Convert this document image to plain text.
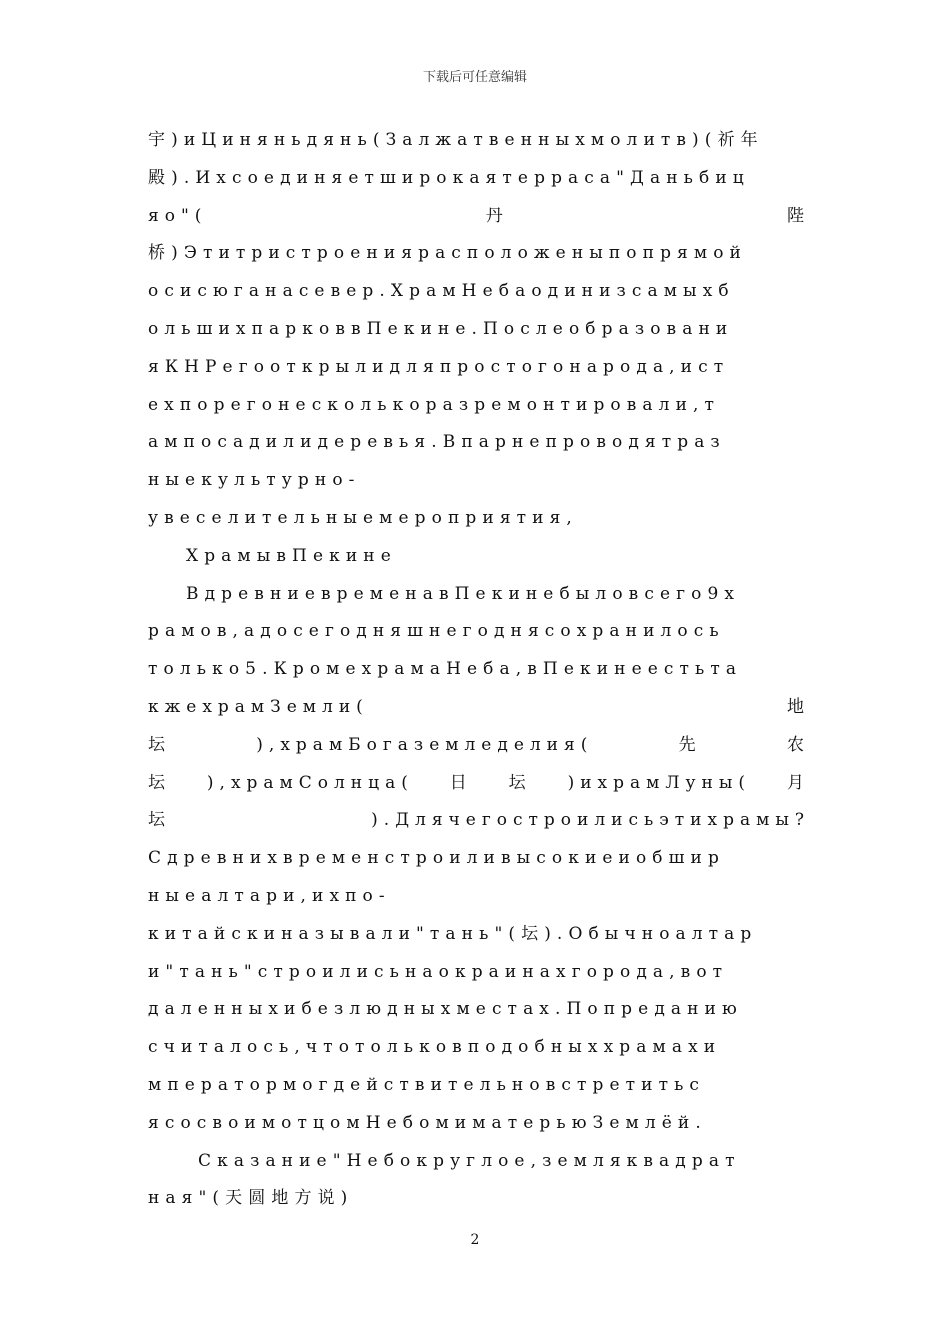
下载后可任意编辑
宇)иЦиняньдянь(Залжатвенныхмолитв)(祈年
殿).Ихсоединяетширокаятерраса"Даньбиц
яо"(	丹	陛
桥)Этитристроениярасположеныпопрямой
осисюганасевер.ХрамНебаодинизсамыхб
ольшихпарковвПекине.Послеобразовани
яКНРегооткрылидляпростогонарода,ист
ехпорегонесколькоразремонтировали,т
ампосадилидеревья.Впарнепроводятраз
ныекультурно-
увеселительныемероприятия,
ХрамывПекине
ВдревниевременавПекинебыловсего9х
рамов,адосегодняшнегоднясохранилось
только5.КромехрамаНеба,вПекинеестьта
кжехрамЗемли(	地
坛	),храмБогаземледелия(	先	农
坛 ),храмСолнца( 日 坛 )ихрамЛуны( 月
坛	).Длячегостроилисьэтихрамы?
Сдревнихвременстроиливысокиеиобшир
ныеалтари,ихпо-
китайскиназывали"тань"(坛).Обычноалтар
и"тань"строилисьнаокраинахгорода,вот
даленныхибезлюдныхместах.Попреданию
считалось,чтотольковподобныххрамахи
мператормогдействительновстретитьс
ясосвоимотцомНебомиматерьюЗемлёй.
Сказание"Небокруглое,земляквадрат
ная"(天圆地方说)
2
